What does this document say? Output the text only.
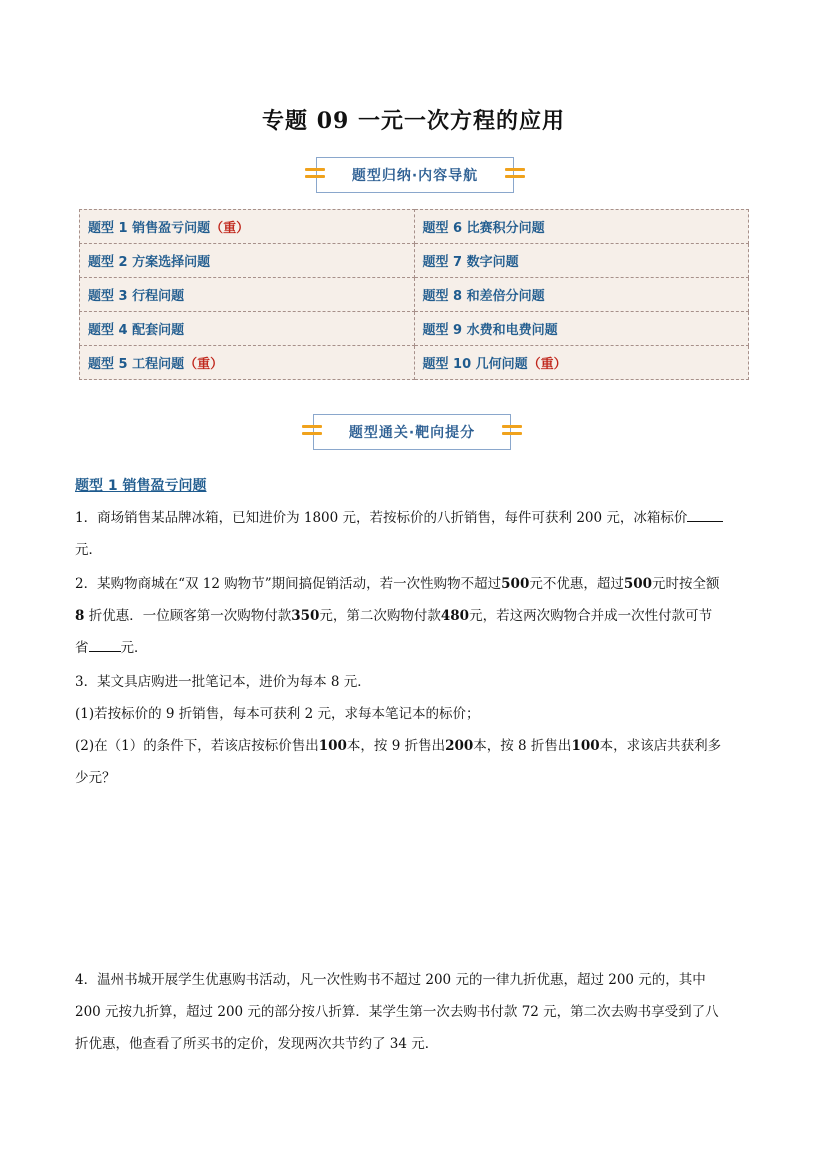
专题 09 一元一次方程的应用
题型归纳·内容导航
题型 1 销售盈亏问题（重）	题型 6 比赛积分问题
题型 2 方案选择问题	题型 7 数字问题
题型 3 行程问题	题型 8 和差倍分问题
题型 4 配套问题	题型 9 水费和电费问题
题型 5 工程问题（重）	题型 10 几何问题（重）
题型通关·靶向提分
题型 1 销售盈亏问题
1．商场销售某品牌冰箱，已知进价为 1800 元，若按标价的八折销售，每件可获利 200 元，冰箱标价
元．
2．某购物商城在“双 12 购物节”期间搞促销活动，若一次性购物不超过500元不优惠，超过500元时按全额
8 折优惠．一位顾客第一次购物付款350元，第二次购物付款480元，若这两次购物合并成一次性付款可节
省 元．
3．某文具店购进一批笔记本，进价为每本 8 元．
(1)若按标价的 9 折销售，每本可获利 2 元，求每本笔记本的标价；
(2)在（1）的条件下，若该店按标价售出100本，按 9 折售出200本，按 8 折售出100本，求该店共获利多
少元？
4．温州书城开展学生优惠购书活动，凡一次性购书不超过 200 元的一律九折优惠，超过 200 元的，其中
200 元按九折算，超过 200 元的部分按八折算．某学生第一次去购书付款 72 元，第二次去购书享受到了八
折优惠，他查看了所买书的定价，发现两次共节约了 34 元．
